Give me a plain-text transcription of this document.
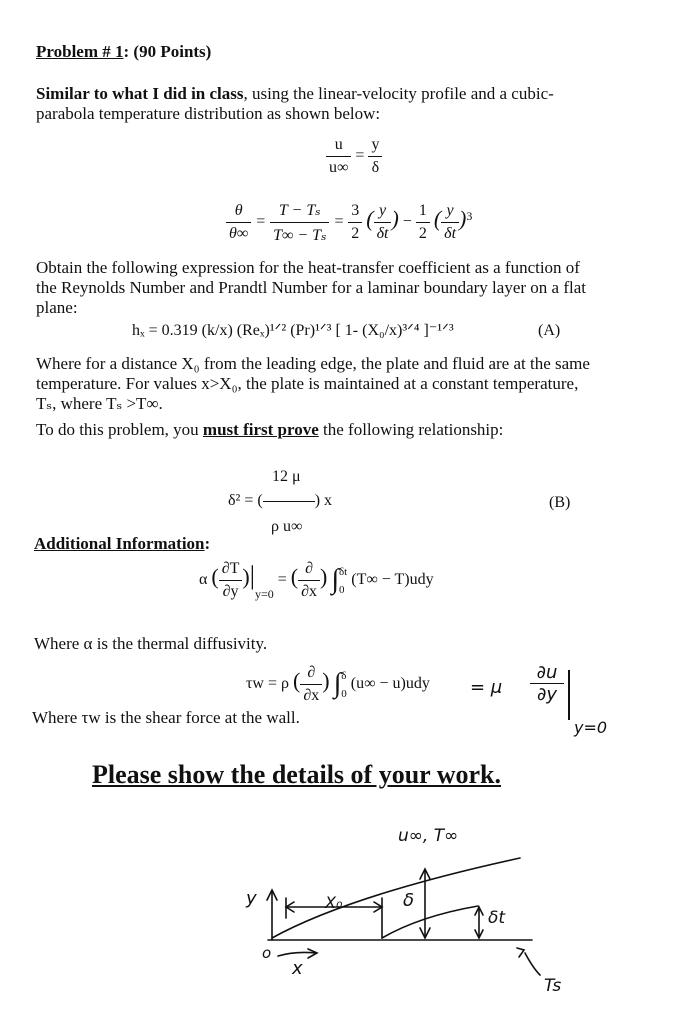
Problem # 1: (90 Points)
Similar to what I did in class, using the linear-velocity profile and a cubic-
parabola temperature distribution as shown below:
$\frac{u}{u\infty} = \frac{y}{\delta}$
$\frac{\theta}{\theta\infty} = \frac{\text{T − Tₛ}}{\text{T∞ − Tₛ}} = \frac{3}{2}$ ( $\frac{y}{\delta t}$ ) − $\frac{1}{2}$ ( $\frac{y}{\delta t} )^3$
Obtain the following expression for the heat-transfer coefficient as a function of
the Reynolds Number and Prandtl Number for a laminar boundary layer on a flat
plane:
hₓ = 0.319 (k/x) (Reₓ)¹ᐟ² (Pr)¹ᐟ³ [ 1- (X₀/x)³ᐟ⁴ ]⁻¹ᐟ³	(A)
Where for a distance X₀ from the leading edge, the plate and fluid are at the same
temperature. For values x>X₀, the plate is maintained at a constant temperature,
Tₛ, where Tₛ >T∞.
To do this problem, you must first prove the following relationship:
12 μ
δ² = (	) x
ρ u∞
(B)
Additional Information:
α ( $\frac{\partial T}{\partial y} )|_{y=0}$ = ( $\frac{\partial}{\partial x}$ ) ∫ δt
0
(T∞ − T)udy
Where α is the thermal diffusivity.
τw = ρ ( $\frac{\partial}{\partial x}$ ) ∫ δ
0
(u∞ − u)udy = μ
∂u
∂y
y=0
Where τw is the shear force at the wall.
Please show the details of your work.
u∞, T∞
y	X₀	δ
δt
o
x
Ts
